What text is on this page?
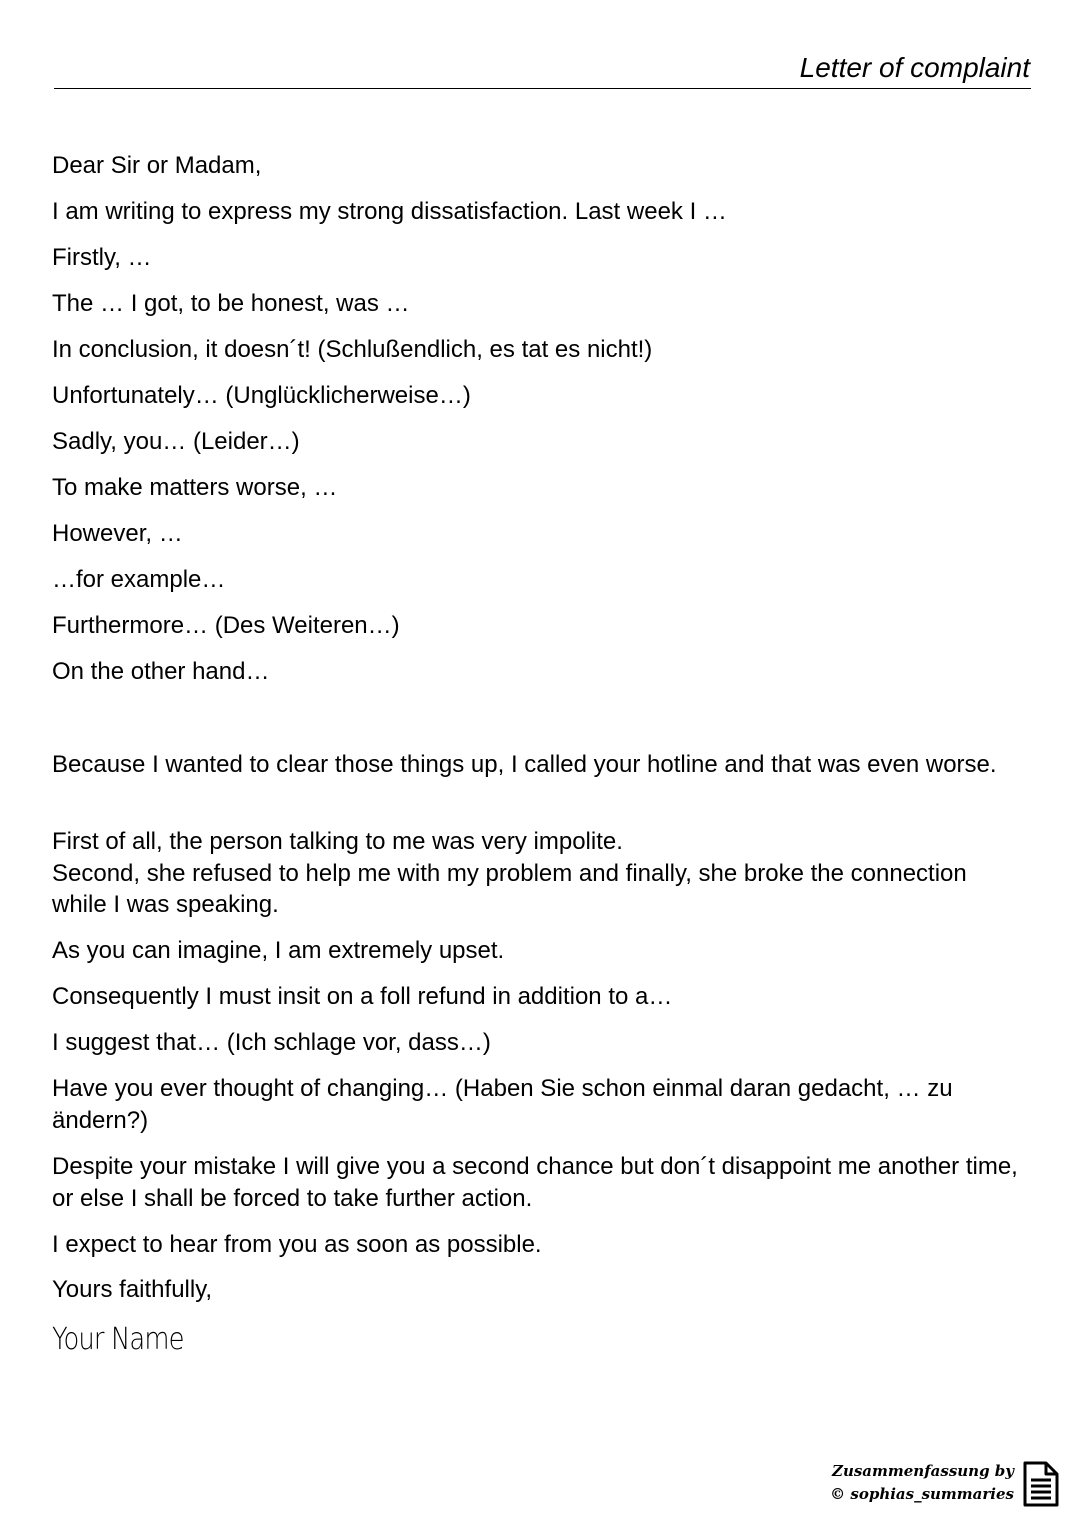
Letter of complaint
Dear Sir or Madam,
I am writing to express my strong dissatisfaction. Last week I …
Firstly, …
The … I got, to be honest, was …
In conclusion, it doesn´t! (Schlußendlich, es tat es nicht!)
Unfortunately… (Unglücklicherweise…)
Sadly, you… (Leider…)
To make matters worse, …
However, …
…for example…
Furthermore… (Des Weiteren…)
On the other hand…
Because I wanted to clear those things up, I called your hotline and that was even worse.
First of all, the person talking to me was very impolite.
Second, she refused to help me with my problem and finally, she broke the connection while I was speaking.
As you can imagine, I am extremely upset.
Consequently I must insit on a foll refund in addition to a…
I suggest that… (Ich schlage vor, dass…)
Have you ever thought of changing… (Haben Sie schon einmal daran gedacht, … zu ändern?)
Despite your mistake I will give you a second chance but don´t disappoint me another time, or else I shall be forced to take further action.
I expect to hear from you as soon as possible.
Yours faithfully,
Your Name
Zusammenfassung by
© sophias_summaries
